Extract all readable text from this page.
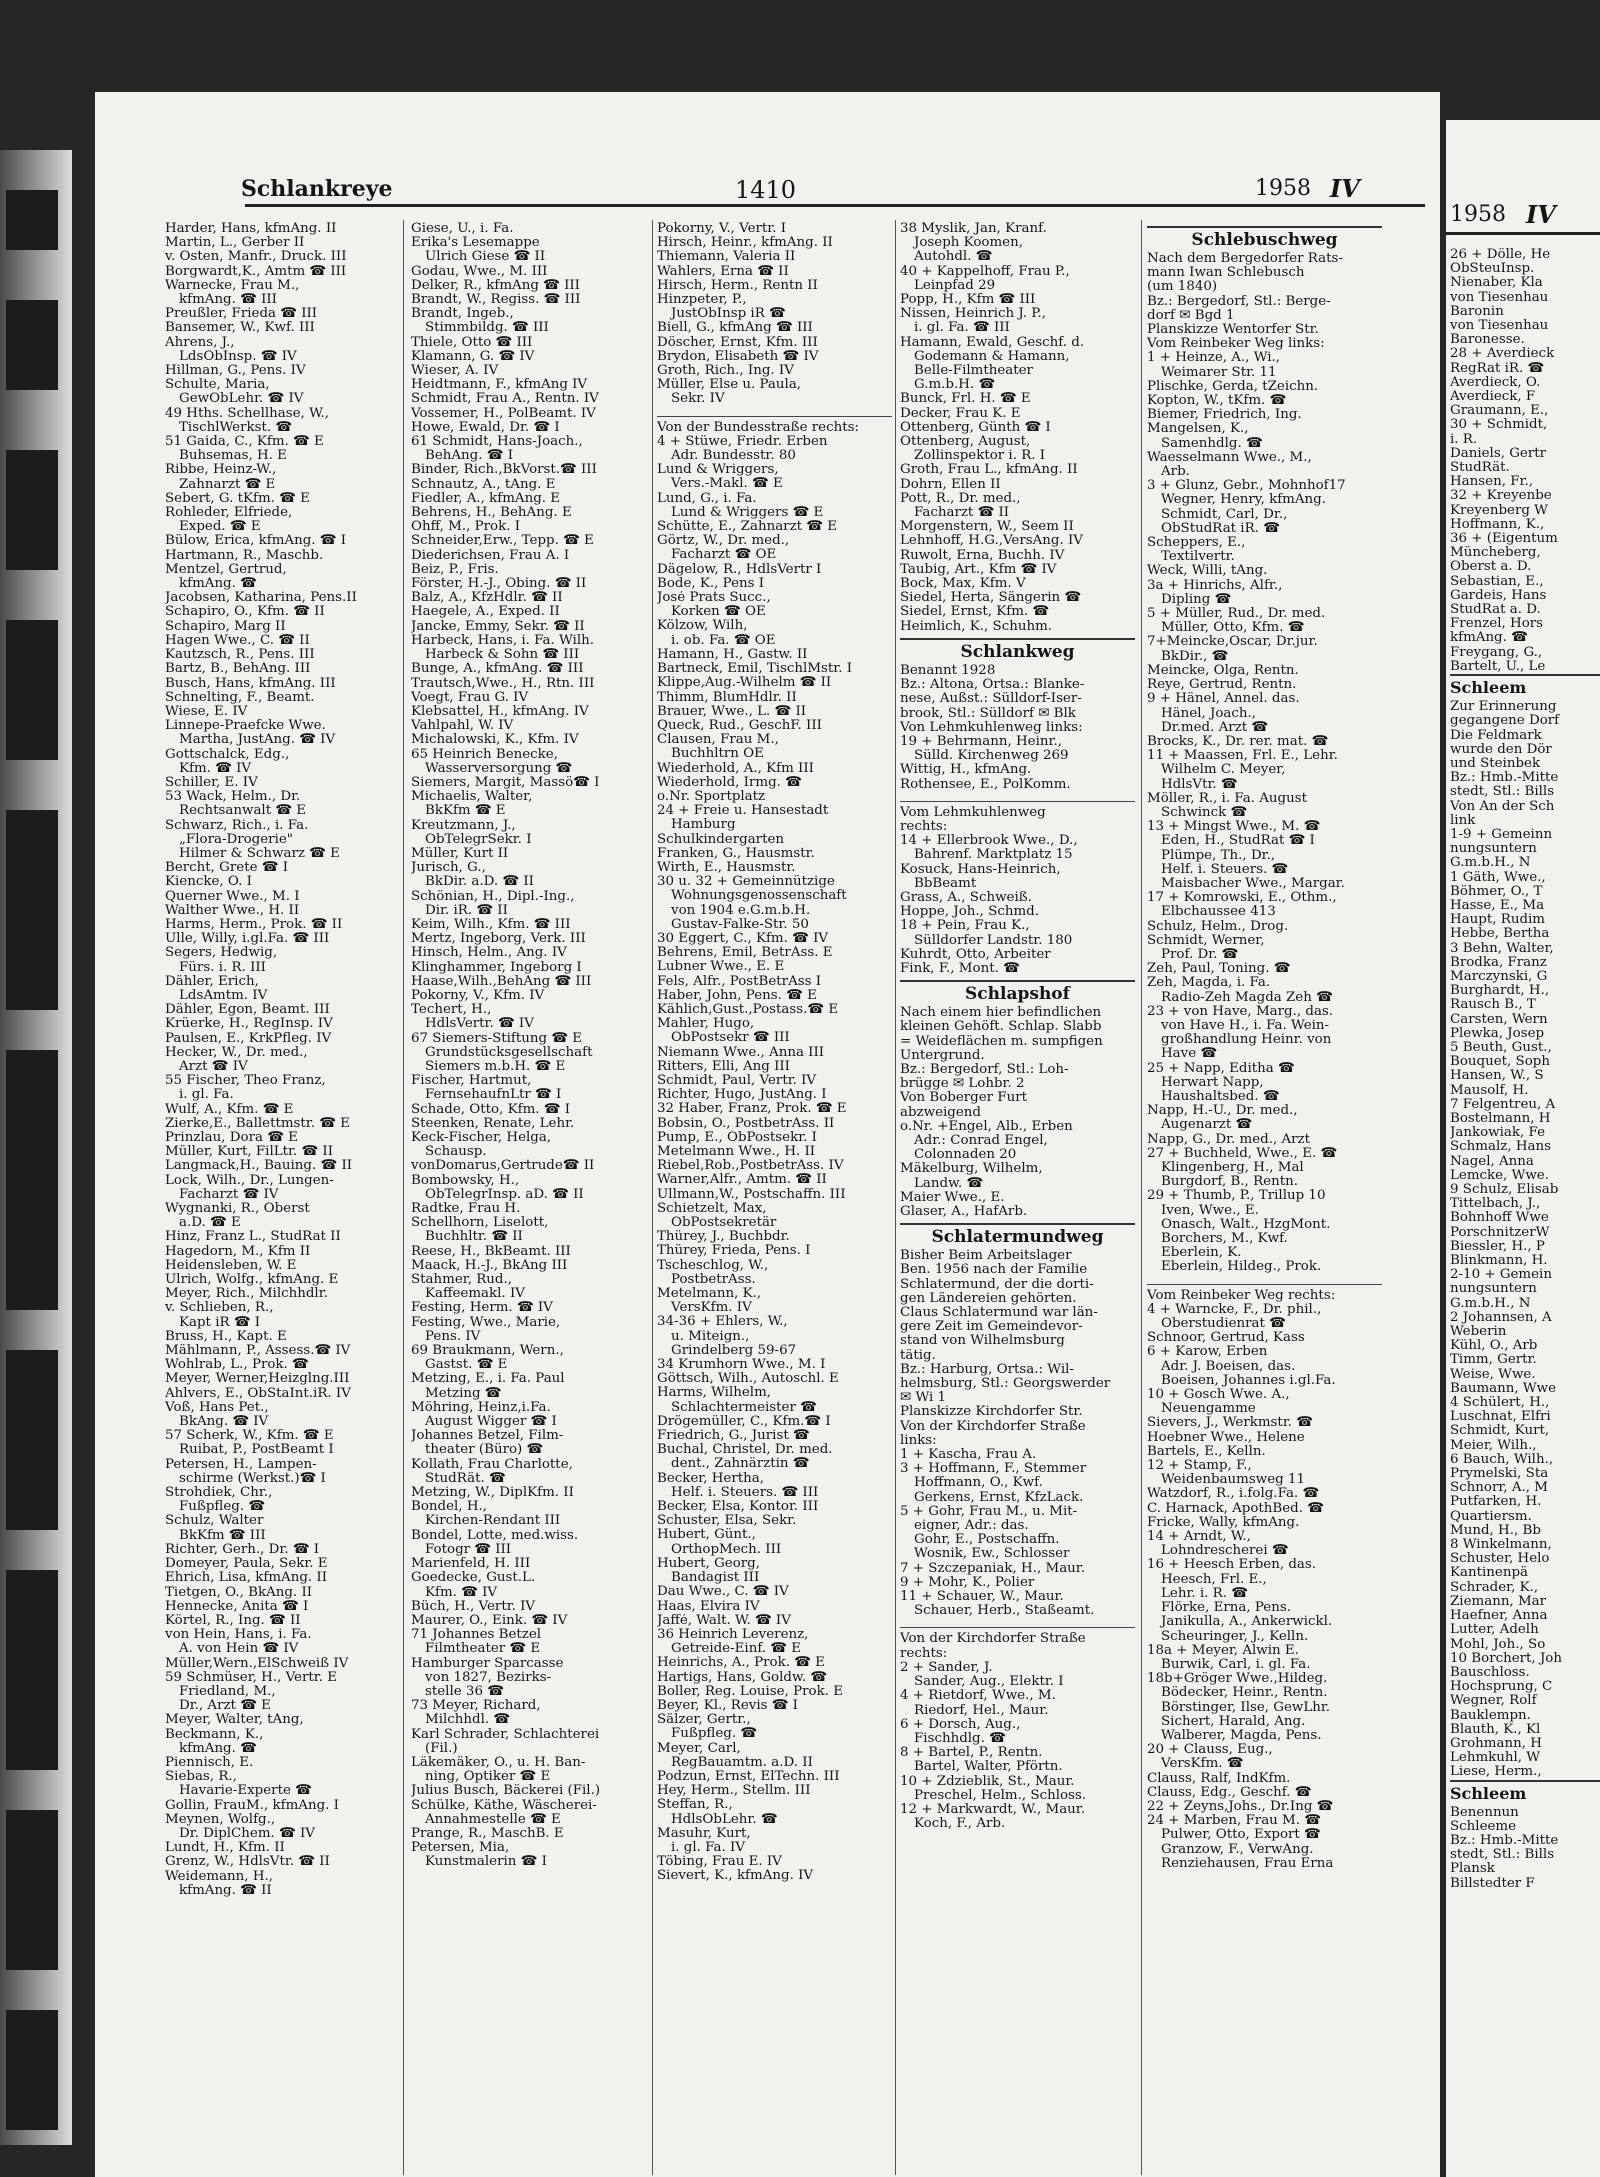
Schlankreye	1410	1958 IV
Harder, Hans, kfmAng. II
Martin, L., Gerber II
v. Osten, Manfr., Druck. III
Borgwardt,K., Amtm ☎ III
Warnecke, Frau M.,
kfmAng. ☎ III
Preußler, Frieda ☎ III
Bansemer, W., Kwf. III
Ahrens, J.,
LdsObInsp. ☎ IV
Hillman, G., Pens. IV
Schulte, Maria,
GewObLehr. ☎ IV
49 Hths. Schellhase, W.,
TischlWerkst. ☎
51 Gaida, C., Kfm. ☎ E
Buhsemas, H. E
Ribbe, Heinz-W.,
Zahnarzt ☎ E
Sebert, G. tKfm. ☎ E
Rohleder, Elfriede,
Exped. ☎ E
Bülow, Erica, kfmAng. ☎ I
Hartmann, R., Maschb.
Mentzel, Gertrud,
kfmAng. ☎
Jacobsen, Katharina, Pens.II
Schapiro, O., Kfm. ☎ II
Schapiro, Marg II
Hagen Wwe., C. ☎ II
Kautzsch, R., Pens. III
Bartz, B., BehAng. III
Busch, Hans, kfmAng. III
Schnelting, F., Beamt.
Wiese, E. IV
Linnepe-Praefcke Wwe.
Martha, JustAng. ☎ IV
Gottschalck, Edg.,
Kfm. ☎ IV
Schiller, E. IV
53 Wack, Helm., Dr.
Rechtsanwalt ☎ E
Schwarz, Rich., i. Fa.
„Flora-Drogerie"
Hilmer & Schwarz ☎ E
Bercht, Grete ☎ I
Kiencke, O. I
Querner Wwe., M. I
Walther Wwe., H. II
Harms, Herm., Prok. ☎ II
Ulle, Willy, i.gl.Fa. ☎ III
Segers, Hedwig,
Fürs. i. R. III
Dähler, Erich,
LdsAmtm. IV
Dähler, Egon, Beamt. III
Krüerke, H., RegInsp. IV
Paulsen, E., KrkPfleg. IV
Hecker, W., Dr. med.,
Arzt ☎ IV
55 Fischer, Theo Franz,
i. gl. Fa.
Wulf, A., Kfm. ☎ E
Zierke,E., Ballettmstr. ☎ E
Prinzlau, Dora ☎ E
Müller, Kurt, FilLtr. ☎ II
Langmack,H., Bauing. ☎ II
Lock, Wilh., Dr., Lungen-
Facharzt ☎ IV
Wygnanki, R., Oberst
a.D. ☎ E
Hinz, Franz L., StudRat II
Hagedorn, M., Kfm II
Heidensleben, W. E
Ulrich, Wolfg., kfmAng. E
Meyer, Rich., Milchhdlr.
v. Schlieben, R.,
Kapt iR ☎ I
Bruss, H., Kapt. E
Mählmann, P., Assess.☎ IV
Wohlrab, L., Prok. ☎
Meyer, Werner,Heizglng.III
Ahlvers, E., ObStaInt.iR. IV
Voß, Hans Pet.,
BkAng. ☎ IV
57 Scherk, W., Kfm. ☎ E
Ruibat, P., PostBeamt I
Petersen, H., Lampen-
schirme (Werkst.)☎ I
Strohdiek, Chr.,
Fußpfleg. ☎
Schulz, Walter
BkKfm ☎ III
Richter, Gerh., Dr. ☎ I
Domeyer, Paula, Sekr. E
Ehrich, Lisa, kfmAng. II
Tietgen, O., BkAng. II
Hennecke, Anita ☎ I
Körtel, R., Ing. ☎ II
von Hein, Hans, i. Fa.
A. von Hein ☎ IV
Müller,Wern.,ElSchweiß IV
59 Schmüser, H., Vertr. E
Friedland, M.,
Dr., Arzt ☎ E
Meyer, Walter, tAng,
Beckmann, K.,
kfmAng. ☎
Piennisch, E.
Siebas, R.,
Havarie-Experte ☎
Gollin, FrauM., kfmAng. I
Meynen, Wolfg.,
Dr. DiplChem. ☎ IV
Lundt, H., Kfm. II
Grenz, W., HdlsVtr. ☎ II
Weidemann, H.,
kfmAng. ☎ II
Giese, U., i. Fa.
Erika's Lesemappe
Ulrich Giese ☎ II
Godau, Wwe., M. III
Delker, R., kfmAng ☎ III
Brandt, W., Regiss. ☎ III
Brandt, Ingeb.,
Stimmbildg. ☎ III
Thiele, Otto ☎ III
Klamann, G. ☎ IV
Wieser, A. IV
Heidtmann, F., kfmAng IV
Schmidt, Frau A., Rentn. IV
Vossemer, H., PolBeamt. IV
Howe, Ewald, Dr. ☎ I
61 Schmidt, Hans-Joach.,
BehAng. ☎ I
Binder, Rich.,BkVorst.☎ III
Schnautz, A., tAng. E
Fiedler, A., kfmAng. E
Behrens, H., BehAng. E
Ohff, M., Prok. I
Schneider,Erw., Tepp. ☎ E
Diederichsen, Frau A. I
Beiz, P., Fris.
Förster, H.-J., Obing. ☎ II
Balz, A., KfzHdlr. ☎ II
Haegele, A., Exped. II
Jancke, Emmy, Sekr. ☎ II
Harbeck, Hans, i. Fa. Wilh.
Harbeck & Sohn ☎ III
Bunge, A., kfmAng. ☎ III
Trautsch,Wwe., H., Rtn. III
Voegt, Frau G. IV
Klebsattel, H., kfmAng. IV
Vahlpahl, W. IV
Michalowski, K., Kfm. IV
65 Heinrich Benecke,
Wasserversorgung ☎
Siemers, Margit, Massö☎ I
Michaelis, Walter,
BkKfm ☎ E
Kreutzmann, J.,
ObTelegrSekr. I
Müller, Kurt II
Jurisch, G.,
BkDir. a.D. ☎ II
Schönian, H., Dipl.-Ing.,
Dir. iR. ☎ II
Keim, Wilh., Kfm. ☎ III
Mertz, Ingeborg, Verk. III
Hinsch, Helm., Ang. IV
Klinghammer, Ingeborg I
Haase,Wilh.,BehAng ☎ III
Pokorny, V., Kfm. IV
Techert, H.,
HdlsVertr. ☎ IV
67 Siemers-Stiftung ☎ E
Grundstücksgesellschaft
Siemers m.b.H. ☎ E
Fischer, Hartmut,
FernsehaufnLtr ☎ I
Schade, Otto, Kfm. ☎ I
Steenken, Renate, Lehr.
Keck-Fischer, Helga,
Schausp.
vonDomarus,Gertrude☎ II
Bombowsky, H.,
ObTelegrInsp. aD. ☎ II
Radtke, Frau H.
Schellhorn, Liselott,
Buchhltr. ☎ II
Reese, H., BkBeamt. III
Maack, H.-J., BkAng III
Stahmer, Rud.,
Kaffeemakl. IV
Festing, Herm. ☎ IV
Festing, Wwe., Marie,
Pens. IV
69 Braukmann, Wern.,
Gastst. ☎ E
Metzing, E., i. Fa. Paul
Metzing ☎
Möhring, Heinz,i.Fa.
August Wigger ☎ I
Johannes Betzel, Film-
theater (Büro) ☎
Kollath, Frau Charlotte,
StudRät. ☎
Metzing, W., DiplKfm. II
Bondel, H.,
Kirchen-Rendant III
Bondel, Lotte, med.wiss.
Fotogr ☎ III
Marienfeld, H. III
Goedecke, Gust.L.
Kfm. ☎ IV
Büch, H., Vertr. IV
Maurer, O., Eink. ☎ IV
71 Johannes Betzel
Filmtheater ☎ E
Hamburger Sparcasse
von 1827, Bezirks-
stelle 36 ☎
73 Meyer, Richard,
Milchhdl. ☎
Karl Schrader, Schlachterei
(Fil.)
Läkemäker, O., u. H. Ban-
ning, Optiker ☎ E
Julius Busch, Bäckerei (Fil.)
Schülke, Käthe, Wäscherei-
Annahmestelle ☎ E
Prange, R., MaschB. E
Petersen, Mia,
Kunstmalerin ☎ I
Pokorny, V., Vertr. I
Hirsch, Heinr., kfmAng. II
Thiemann, Valeria II
Wahlers, Erna ☎ II
Hirsch, Herm., Rentn II
Hinzpeter, P.,
JustObInsp iR ☎
Biell, G., kfmAng ☎ III
Döscher, Ernst, Kfm. III
Brydon, Elisabeth ☎ IV
Groth, Rich., Ing. IV
Müller, Else u. Paula,
Sekr. IV
Von der Bundesstraße rechts:
4 + Stüwe, Friedr. Erben
Adr. Bundesstr. 80
Lund & Wriggers,
Vers.-Makl. ☎ E
Lund, G., i. Fa.
Lund & Wriggers ☎ E
Schütte, E., Zahnarzt ☎ E
Görtz, W., Dr. med.,
Facharzt ☎ OE
Dägelow, R., HdlsVertr I
Bode, K., Pens I
José Prats Succ.,
Korken ☎ OE
Kölzow, Wilh,
i. ob. Fa. ☎ OE
Hamann, H., Gastw. II
Bartneck, Emil, TischlMstr. I
Klippe,Aug.-Wilhelm ☎ II
Thimm, BlumHdlr. II
Brauer, Wwe., L. ☎ II
Queck, Rud., GeschF. III
Clausen, Frau M.,
Buchhltrn OE
Wiederhold, A., Kfm III
Wiederhold, Irmg. ☎
o.Nr. Sportplatz
24 + Freie u. Hansestadt
Hamburg
Schulkindergarten
Franken, G., Hausmstr.
Wirth, E., Hausmstr.
30 u. 32 + Gemeinnützige
Wohnungsgenossenschaft
von 1904 e.G.m.b.H.
Gustav-Falke-Str. 50
30 Eggert, C., Kfm. ☎ IV
Behrens, Emil, BetrAss. E
Lubner Wwe., E. E
Fels, Alfr., PostBetrAss I
Haber, John, Pens. ☎ E
Kählich,Gust.,Postass.☎ E
Mahler, Hugo,
ObPostsekr ☎ III
Niemann Wwe., Anna III
Ritters, Elli, Ang III
Schmidt, Paul, Vertr. IV
Richter, Hugo, JustAng. I
32 Haber, Franz, Prok. ☎ E
Bobsin, O., PostbetrAss. II
Pump, E., ObPostsekr. I
Metelmann Wwe., H. II
Riebel,Rob.,PostbetrAss. IV
Warner,Alfr., Amtm. ☎ II
Ullmann,W., Postschaffn. III
Schietzelt, Max,
ObPostsekretär
Thürey, J., Buchbdr.
Thürey, Frieda, Pens. I
Tscheschlog, W.,
PostbetrAss.
Metelmann, K.,
VersKfm. IV
34-36 + Ehlers, W.,
u. Miteign.,
Grindelberg 59-67
34 Krumhorn Wwe., M. I
Göttsch, Wilh., Autoschl. E
Harms, Wilhelm,
Schlachtermeister ☎
Drögemüller, C., Kfm.☎ I
Friedrich, G., Jurist ☎
Buchal, Christel, Dr. med.
dent., Zahnärztin ☎
Becker, Hertha,
Helf. i. Steuers. ☎ III
Becker, Elsa, Kontor. III
Schuster, Elsa, Sekr.
Hubert, Günt.,
OrthopMech. III
Hubert, Georg,
Bandagist III
Dau Wwe., C. ☎ IV
Haas, Elvira IV
Jaffé, Walt. W. ☎ IV
36 Heinrich Leverenz,
Getreide-Einf. ☎ E
Heinrichs, A., Prok. ☎ E
Hartigs, Hans, Goldw. ☎
Boller, Reg. Louise, Prok. E
Beyer, Kl., Revis ☎ I
Sälzer, Gertr.,
Fußpfleg. ☎
Meyer, Carl,
RegBauamtm. a.D. II
Podzun, Ernst, ElTechn. III
Hey, Herm., Stellm. III
Steffan, R.,
HdlsObLehr. ☎
Masuhr, Kurt,
i. gl. Fa. IV
Töbing, Frau E. IV
Sievert, K., kfmAng. IV
38 Myslik, Jan, Kranf.
Joseph Koomen,
Autohdl. ☎
40 + Kappelhoff, Frau P.,
Leinpfad 29
Popp, H., Kfm ☎ III
Nissen, Heinrich J. P.,
i. gl. Fa. ☎ III
Hamann, Ewald, Geschf. d.
Godemann & Hamann,
Belle-Filmtheater
G.m.b.H. ☎
Bunck, Frl. H. ☎ E
Decker, Frau K. E
Ottenberg, Günth ☎ I
Ottenberg, August,
Zollinspektor i. R. I
Groth, Frau L., kfmAng. II
Dohrn, Ellen II
Pott, R., Dr. med.,
Facharzt ☎ II
Morgenstern, W., Seem II
Lehnhoff, H.G.,VersAng. IV
Ruwolt, Erna, Buchh. IV
Taubig, Art., Kfm ☎ IV
Bock, Max, Kfm. V
Siedel, Herta, Sängerin ☎
Siedel, Ernst, Kfm. ☎
Heimlich, K., Schuhm.
Schlankweg
Benannt 1928
Bz.: Altona, Ortsa.: Blanke-
nese, Außst.: Sülldorf-Iser-
brook, Stl.: Sülldorf ✉ Blk
Von Lehmkuhlenweg links:
19 + Behrmann, Heinr.,
Sülld. Kirchenweg 269
Wittig, H., kfmAng.
Rothensee, E., PolKomm.
Vom Lehmkuhlenweg
rechts:
14 + Ellerbrook Wwe., D.,
Bahrenf. Marktplatz 15
Kosuck, Hans-Heinrich,
BbBeamt
Grass, A., Schweiß.
Hoppe, Joh., Schmd.
18 + Pein, Frau K.,
Sülldorfer Landstr. 180
Kuhrdt, Otto, Arbeiter
Fink, F., Mont. ☎
Schlapshof
Nach einem hier befindlichen
kleinen Gehöft. Schlap. Slabb
= Weideflächen m. sumpfigen
Untergrund.
Bz.: Bergedorf, Stl.: Loh-
brügge ✉ Lohbr. 2
Von Boberger Furt
abzweigend
o.Nr. +Engel, Alb., Erben
Adr.: Conrad Engel,
Colonnaden 20
Mäkelburg, Wilhelm,
Landw. ☎
Maier Wwe., E.
Glaser, A., HafArb.
Schlatermundweg
Bisher Beim Arbeitslager
Ben. 1956 nach der Familie
Schlatermund, der die dorti-
gen Ländereien gehörten.
Claus Schlatermund war län-
gere Zeit im Gemeindevor-
stand von Wilhelmsburg
tätig.
Bz.: Harburg, Ortsa.: Wil-
helmsburg, Stl.: Georgswerder
✉ Wi 1
Planskizze Kirchdorfer Str.
Von der Kirchdorfer Straße
links:
1 + Kascha, Frau A.
3 + Hoffmann, F., Stemmer
Hoffmann, O., Kwf.
Gerkens, Ernst, KfzLack.
5 + Gohr, Frau M., u. Mit-
eigner, Adr.: das.
Gohr, E., Postschaffn.
Wosnik, Ew., Schlosser
7 + Szczepaniak, H., Maur.
9 + Mohr, K., Polier
11 + Schauer, W., Maur.
Schauer, Herb., Staßeamt.
Von der Kirchdorfer Straße
rechts:
2 + Sander, J.
Sander, Aug., Elektr. I
4 + Rietdorf, Wwe., M.
Riedorf, Hel., Maur.
6 + Dorsch, Aug.,
Fischhdlg. ☎
8 + Bartel, P., Rentn.
Bartel, Walter, Pförtn.
10 + Zdzieblik, St., Maur.
Preschel, Helm., Schloss.
12 + Markwardt, W., Maur.
Koch, F., Arb.
Schlebuschweg
Nach dem Bergedorfer Rats-
mann Iwan Schlebusch
(um 1840)
Bz.: Bergedorf, Stl.: Berge-
dorf ✉ Bgd 1
Planskizze Wentorfer Str.
Vom Reinbeker Weg links:
1 + Heinze, A., Wi.,
Weimarer Str. 11
Plischke, Gerda, tZeichn.
Kopton, W., tKfm. ☎
Biemer, Friedrich, Ing.
Mangelsen, K.,
Samenhdlg. ☎
Waesselmann Wwe., M.,
Arb.
3 + Glunz, Gebr., Mohnhof17
Wegner, Henry, kfmAng.
Schmidt, Carl, Dr.,
ObStudRat iR. ☎
Scheppers, E.,
Textilvertr.
Weck, Willi, tAng.
3a + Hinrichs, Alfr.,
Dipling ☎
5 + Müller, Rud., Dr. med.
Müller, Otto, Kfm. ☎
7+Meincke,Oscar, Dr.jur.
BkDir., ☎
Meincke, Olga, Rentn.
Reye, Gertrud, Rentn.
9 + Hänel, Annel. das.
Hänel, Joach.,
Dr.med. Arzt ☎
Brocks, K., Dr. rer. mat. ☎
11 + Maassen, Frl. E., Lehr.
Wilhelm C. Meyer,
HdlsVtr. ☎
Möller, R., i. Fa. August
Schwinck ☎
13 + Mingst Wwe., M. ☎
Eden, H., StudRat ☎ I
Plümpe, Th., Dr.,
Helf. i. Steuers. ☎
Maisbacher Wwe., Margar.
17 + Komrowski, E., Othm.,
Elbchaussee 413
Schulz, Helm., Drog.
Schmidt, Werner,
Prof. Dr. ☎
Zeh, Paul, Toning. ☎
Zeh, Magda, i. Fa.
Radio-Zeh Magda Zeh ☎
23 + von Have, Marg., das.
von Have H., i. Fa. Wein-
großhandlung Heinr. von
Have ☎
25 + Napp, Editha ☎
Herwart Napp,
Haushaltsbed. ☎
Napp, H.-U., Dr. med.,
Augenarzt ☎
Napp, G., Dr. med., Arzt
27 + Buchheld, Wwe., E. ☎
Klingenberg, H., Mal
Burgdorf, B., Rentn.
29 + Thumb, P., Trillup 10
Iven, Wwe., E.
Onasch, Walt., HzgMont.
Borchers, M., Kwf.
Eberlein, K.
Eberlein, Hildeg., Prok.
Vom Reinbeker Weg rechts:
4 + Warncke, F., Dr. phil.,
Oberstudienrat ☎
Schnoor, Gertrud, Kass
6 + Karow, Erben
Adr. J. Boeisen, das.
Boeisen, Johannes i.gl.Fa.
10 + Gosch Wwe. A.,
Neuengamme
Sievers, J., Werkmstr. ☎
Hoebner Wwe., Helene
Bartels, E., Kelln.
12 + Stamp, F.,
Weidenbaumsweg 11
Watzdorf, R., i.folg.Fa. ☎
C. Harnack, ApothBed. ☎
Fricke, Wally, kfmAng.
14 + Arndt, W.,
Lohndrescherei ☎
16 + Heesch Erben, das.
Heesch, Frl. E.,
Lehr. i. R. ☎
Flörke, Erna, Pens.
Janikulla, A., Ankerwickl.
Scheuringer, J., Kelln.
18a + Meyer, Alwin E.
Burwik, Carl, i. gl. Fa.
18b+Gröger Wwe.,Hildeg.
Bödecker, Heinr., Rentn.
Börstinger, Ilse, GewLhr.
Sichert, Harald, Ang.
Walberer, Magda, Pens.
20 + Clauss, Eug.,
VersKfm. ☎
Clauss, Ralf, IndKfm.
Clauss, Edg., Geschf. ☎
22 + Zeyns,Johs., Dr.Ing ☎
24 + Marben, Frau M. ☎
Pulwer, Otto, Export ☎
Granzow, F., VerwAng.
Renziehausen, Frau Erna
1958 IV
26 + Dölle, He
ObSteuInsp.
Nienaber, Kla
von Tiesenhau
Baronin
von Tiesenhau
Baronesse.
28 + Averdieck
RegRat iR. ☎
Averdieck, O.
Averdieck, F
Graumann, E.,
30 + Schmidt,
i. R.
Daniels, Gertr
StudRät.
Hansen, Fr.,
32 + Kreyenbe
Kreyenberg W
Hoffmann, K.,
36 + (Eigentum
Müncheberg,
Oberst a. D.
Sebastian, E.,
Gardeis, Hans
StudRat a. D.
Frenzel, Hors
kfmAng. ☎
Freygang, G.,
Bartelt, U., Le
Schleem
Zur Erinnerung
gegangene Dorf
Die Feldmark
wurde den Dör
und Steinbek
Bz.: Hmb.-Mitte
stedt, Stl.: Bills
Von An der Sch
link
1-9 + Gemeinn
nungsuntern
G.m.b.H., N
1 Gäth, Wwe.,
Böhmer, O., T
Hasse, E., Ma
Haupt, Rudim
Hebbe, Bertha
3 Behn, Walter,
Brodka, Franz
Marczynski, G
Burghardt, H.,
Rausch B., T
Carsten, Wern
Plewka, Josep
5 Beuth, Gust.,
Bouquet, Soph
Hansen, W., S
Mausolf, H.
7 Felgentreu, A
Bostelmann, H
Jankowiak, Fe
Schmalz, Hans
Nagel, Anna
Lemcke, Wwe.
9 Schulz, Elisab
Tittelbach, J.,
Bohnhoff Wwe
PorschnitzerW
Biessler, H., P
Blinkmann, H.
2-10 + Gemein
nungsuntern
G.m.b.H., N
2 Johannsen, A
Weberin
Kühl, O., Arb
Timm, Gertr.
Weise, Wwe.
Baumann, Wwe
4 Schülert, H.,
Luschnat, Elfri
Schmidt, Kurt,
Meier, Wilh.,
6 Bauch, Wilh.,
Prymelski, Sta
Schnorr, A., M
Putfarken, H.
Quartiersm.
Mund, H., Bb
8 Winkelmann,
Schuster, Helo
Kantinenpä
Schrader, K.,
Ziemann, Mar
Haefner, Anna
Lutter, Adelh
Mohl, Joh., So
10 Borchert, Joh
Bauschloss.
Hochsprung, C
Wegner, Rolf
Bauklempn.
Blauth, K., Kl
Grohmann, H
Lehmkuhl, W
Liese, Herm.,
Schleem
Benennun
Schleeme
Bz.: Hmb.-Mitte
stedt, Stl.: Bills
Plansk
Billstedter F
